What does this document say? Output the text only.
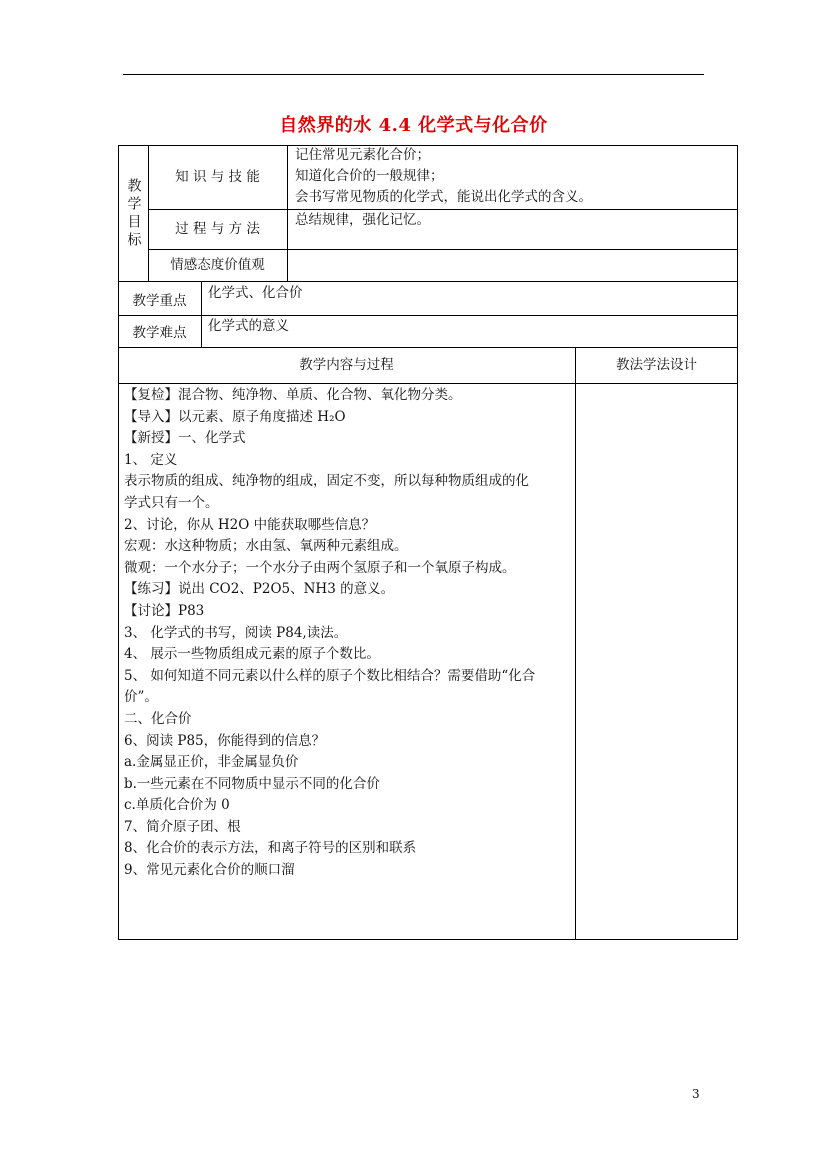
自然界的水 4.4 化学式与化合价
教学目标
知 识 与 技 能
记住常见元素化合价；
知道化合价的一般规律；
会书写常见物质的化学式，能说出化学式的含义。
过 程 与 方 法
总结规律，强化记忆。
情感态度价值观
教学重点 化学式、化合价
教学难点 化学式的意义
教学内容与过程	教法学法设计
【复检】混合物、纯净物、单质、化合物、氧化物分类。
【导入】以元素、原子角度描述 H₂O
【新授】一、化学式
1、 定义
表示物质的组成、纯净物的组成，固定不变，所以每种物质组成的化
学式只有一个。
2、讨论，你从 H2O 中能获取哪些信息？
宏观：水这种物质；水由氢、氧两种元素组成。
微观：一个水分子；一个水分子由两个氢原子和一个氧原子构成。
【练习】说出 CO2、P2O5、NH3 的意义。
【讨论】P83
3、 化学式的书写，阅读 P84,读法。
4、 展示一些物质组成元素的原子个数比。
5、 如何知道不同元素以什么样的原子个数比相结合？需要借助“化合
价”。
二、化合价
6、阅读 P85，你能得到的信息？
a.金属显正价，非金属显负价
b.一些元素在不同物质中显示不同的化合价
c.单质化合价为 0
7、简介原子团、根
8、化合价的表示方法，和离子符号的区别和联系
9、常见元素化合价的顺口溜
3
